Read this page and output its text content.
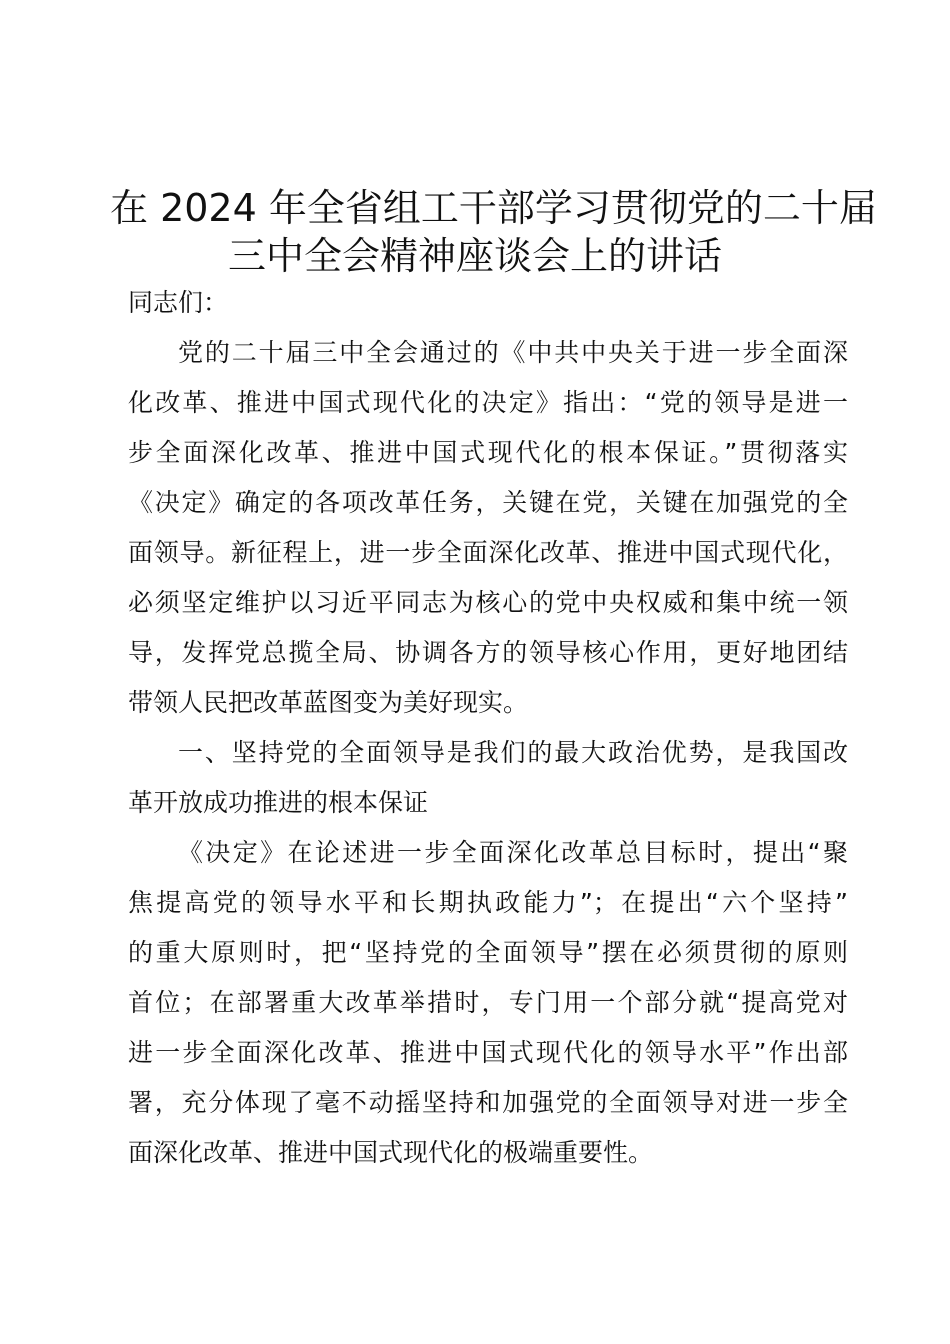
在 2024 年全省组工干部学习贯彻党的二十届
三中全会精神座谈会上的讲话

同志们：

党的二十届三中全会通过的《中共中央关于进一步全面深

化改革、推进中国式现代化的决定》指出：“党的领导是进一

步全面深化改革、推进中国式现代化的根本保证。”贯彻落实

《决定》确定的各项改革任务，关键在党，关键在加强党的全

面领导。新征程上，进一步全面深化改革、推进中国式现代化，

必须坚定维护以习近平同志为核心的党中央权威和集中统一领

导，发挥党总揽全局、协调各方的领导核心作用，更好地团结

带领人民把改革蓝图变为美好现实。

一、坚持党的全面领导是我们的最大政治优势，是我国改

革开放成功推进的根本保证

《决定》在论述进一步全面深化改革总目标时，提出“聚

焦提高党的领导水平和长期执政能力”；在提出“六个坚持”

的重大原则时，把“坚持党的全面领导”摆在必须贯彻的原则

首位；在部署重大改革举措时，专门用一个部分就“提高党对

进一步全面深化改革、推进中国式现代化的领导水平”作出部

署，充分体现了毫不动摇坚持和加强党的全面领导对进一步全

面深化改革、推进中国式现代化的极端重要性。
